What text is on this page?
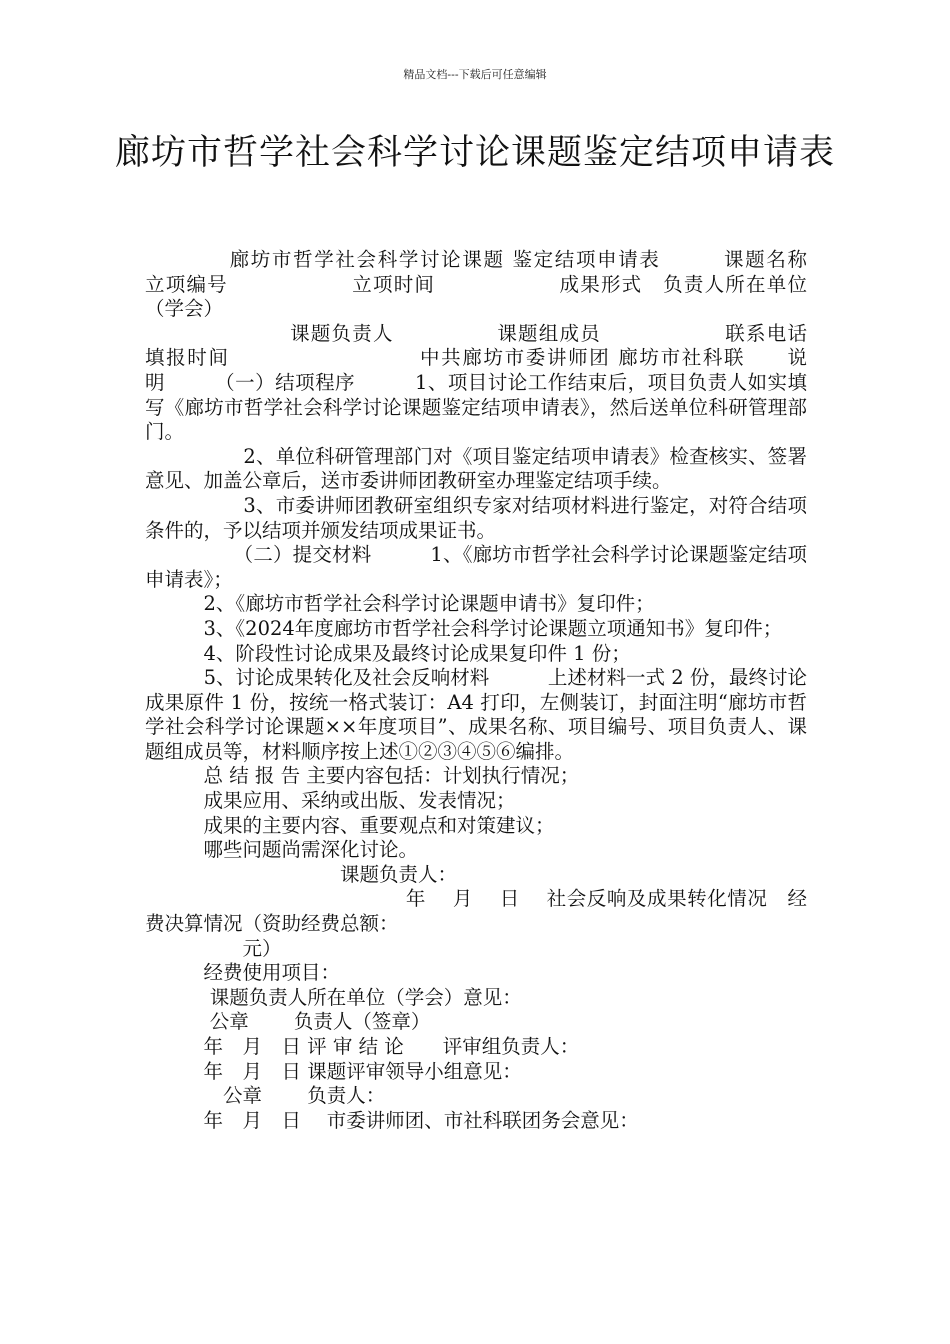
精品文档---下载后可任意编辑
廊坊市哲学社会科学讨论课题鉴定结项申请表

　　　　廊坊市哲学社会科学讨论课题 鉴定结项申请表　　　课题名称　　　　　立项编号　　　　　　立项时间　　　　　　成果形式　负责人所在单位（学会）

　　　　　　　课题负责人　　　　　课题组成员　　　　　　联系电话　　　　　填报时间　　　　　　　　　中共廊坊市委讲师团 廊坊市社科联　　说　　明　　　（一）结项程序　　　1、项目讨论工作结束后，项目负责人如实填写《廊坊市哲学社会科学讨论课题鉴定结项申请表》，然后送单位科研管理部门。

　　　　　2、单位科研管理部门对《项目鉴定结项申请表》检查核实、签署意见、加盖公章后，送市委讲师团教研室办理鉴定结项手续。

　　　　　3、市委讲师团教研室组织专家对结项材料进行鉴定，对符合结项条件的，予以结项并颁发结项成果证书。

　　　　　（二）提交材料　　　1、《廊坊市哲学社会科学讨论课题鉴定结项申请表》；

　　　2、《廊坊市哲学社会科学讨论课题申请书》复印件；

　　　3、《2024年度廊坊市哲学社会科学讨论课题立项通知书》复印件；

　　　4、阶段性讨论成果及最终讨论成果复印件 1 份；

　　　5、讨论成果转化及社会反响材料　　　上述材料一式 2 份，最终讨论成果原件 1 份，按统一格式装订：A4 打印，左侧装订，封面注明“廊坊市哲学社会科学讨论课题××年度项目”、成果名称、项目编号、项目负责人、课题组成员等，材料顺序按上述①②③④⑤⑥编排。

　　　总 结 报 告 主要内容包括：计划执行情况；

　　　成果应用、采纳或出版、发表情况；

　　　成果的主要内容、重要观点和对策建议；

　　　哪些问题尚需深化讨论。

　　　　　　　　　　课题负责人：

　　　　　　　　　　　　　年　 月　 日　 社会反响及成果转化情况　经费决算情况（资助经费总额：

　　　　　元）

　　　经费使用项目：

　　　 课题负责人所在单位（学会）意见：

　　　 公章　　 负责人（签章）

　　　年　月　日 评 审 结 论　　评审组负责人：

　　　年　月　日 课题评审领导小组意见：

　　　　公章　　 负责人：

　　　年　月　日　 市委讲师团、市社科联团务会意见：
